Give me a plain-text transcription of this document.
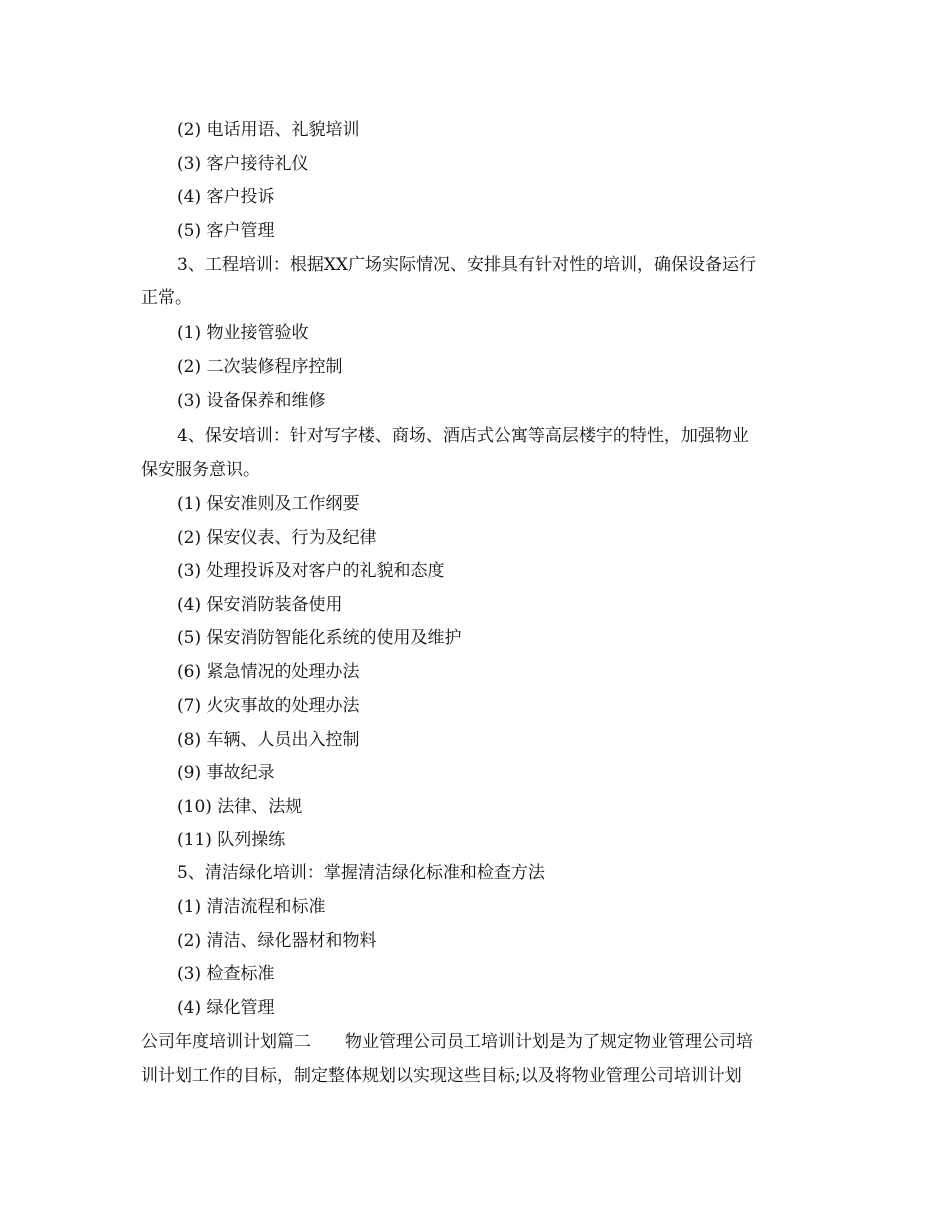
(2) 电话用语、礼貌培训
(3) 客户接待礼仪
(4) 客户投诉
(5) 客户管理
3、工程培训：根据XX广场实际情况、安排具有针对性的培训，确保设备运行
正常。
(1) 物业接管验收
(2) 二次装修程序控制
(3) 设备保养和维修
4、保安培训：针对写字楼、商场、酒店式公寓等高层楼宇的特性，加强物业
保安服务意识。
(1) 保安准则及工作纲要
(2) 保安仪表、行为及纪律
(3) 处理投诉及对客户的礼貌和态度
(4) 保安消防装备使用
(5) 保安消防智能化系统的使用及维护
(6) 紧急情况的处理办法
(7) 火灾事故的处理办法
(8) 车辆、人员出入控制
(9) 事故纪录
(10) 法律、法规
(11) 队列操练
5、清洁绿化培训：掌握清洁绿化标准和检查方法
(1) 清洁流程和标准
(2) 清洁、绿化器材和物料
(3) 检查标准
(4) 绿化管理
公司年度培训计划篇二　　物业管理公司员工培训计划是为了规定物业管理公司培
训计划工作的目标，制定整体规划以实现这些目标;以及将物业管理公司培训计划
